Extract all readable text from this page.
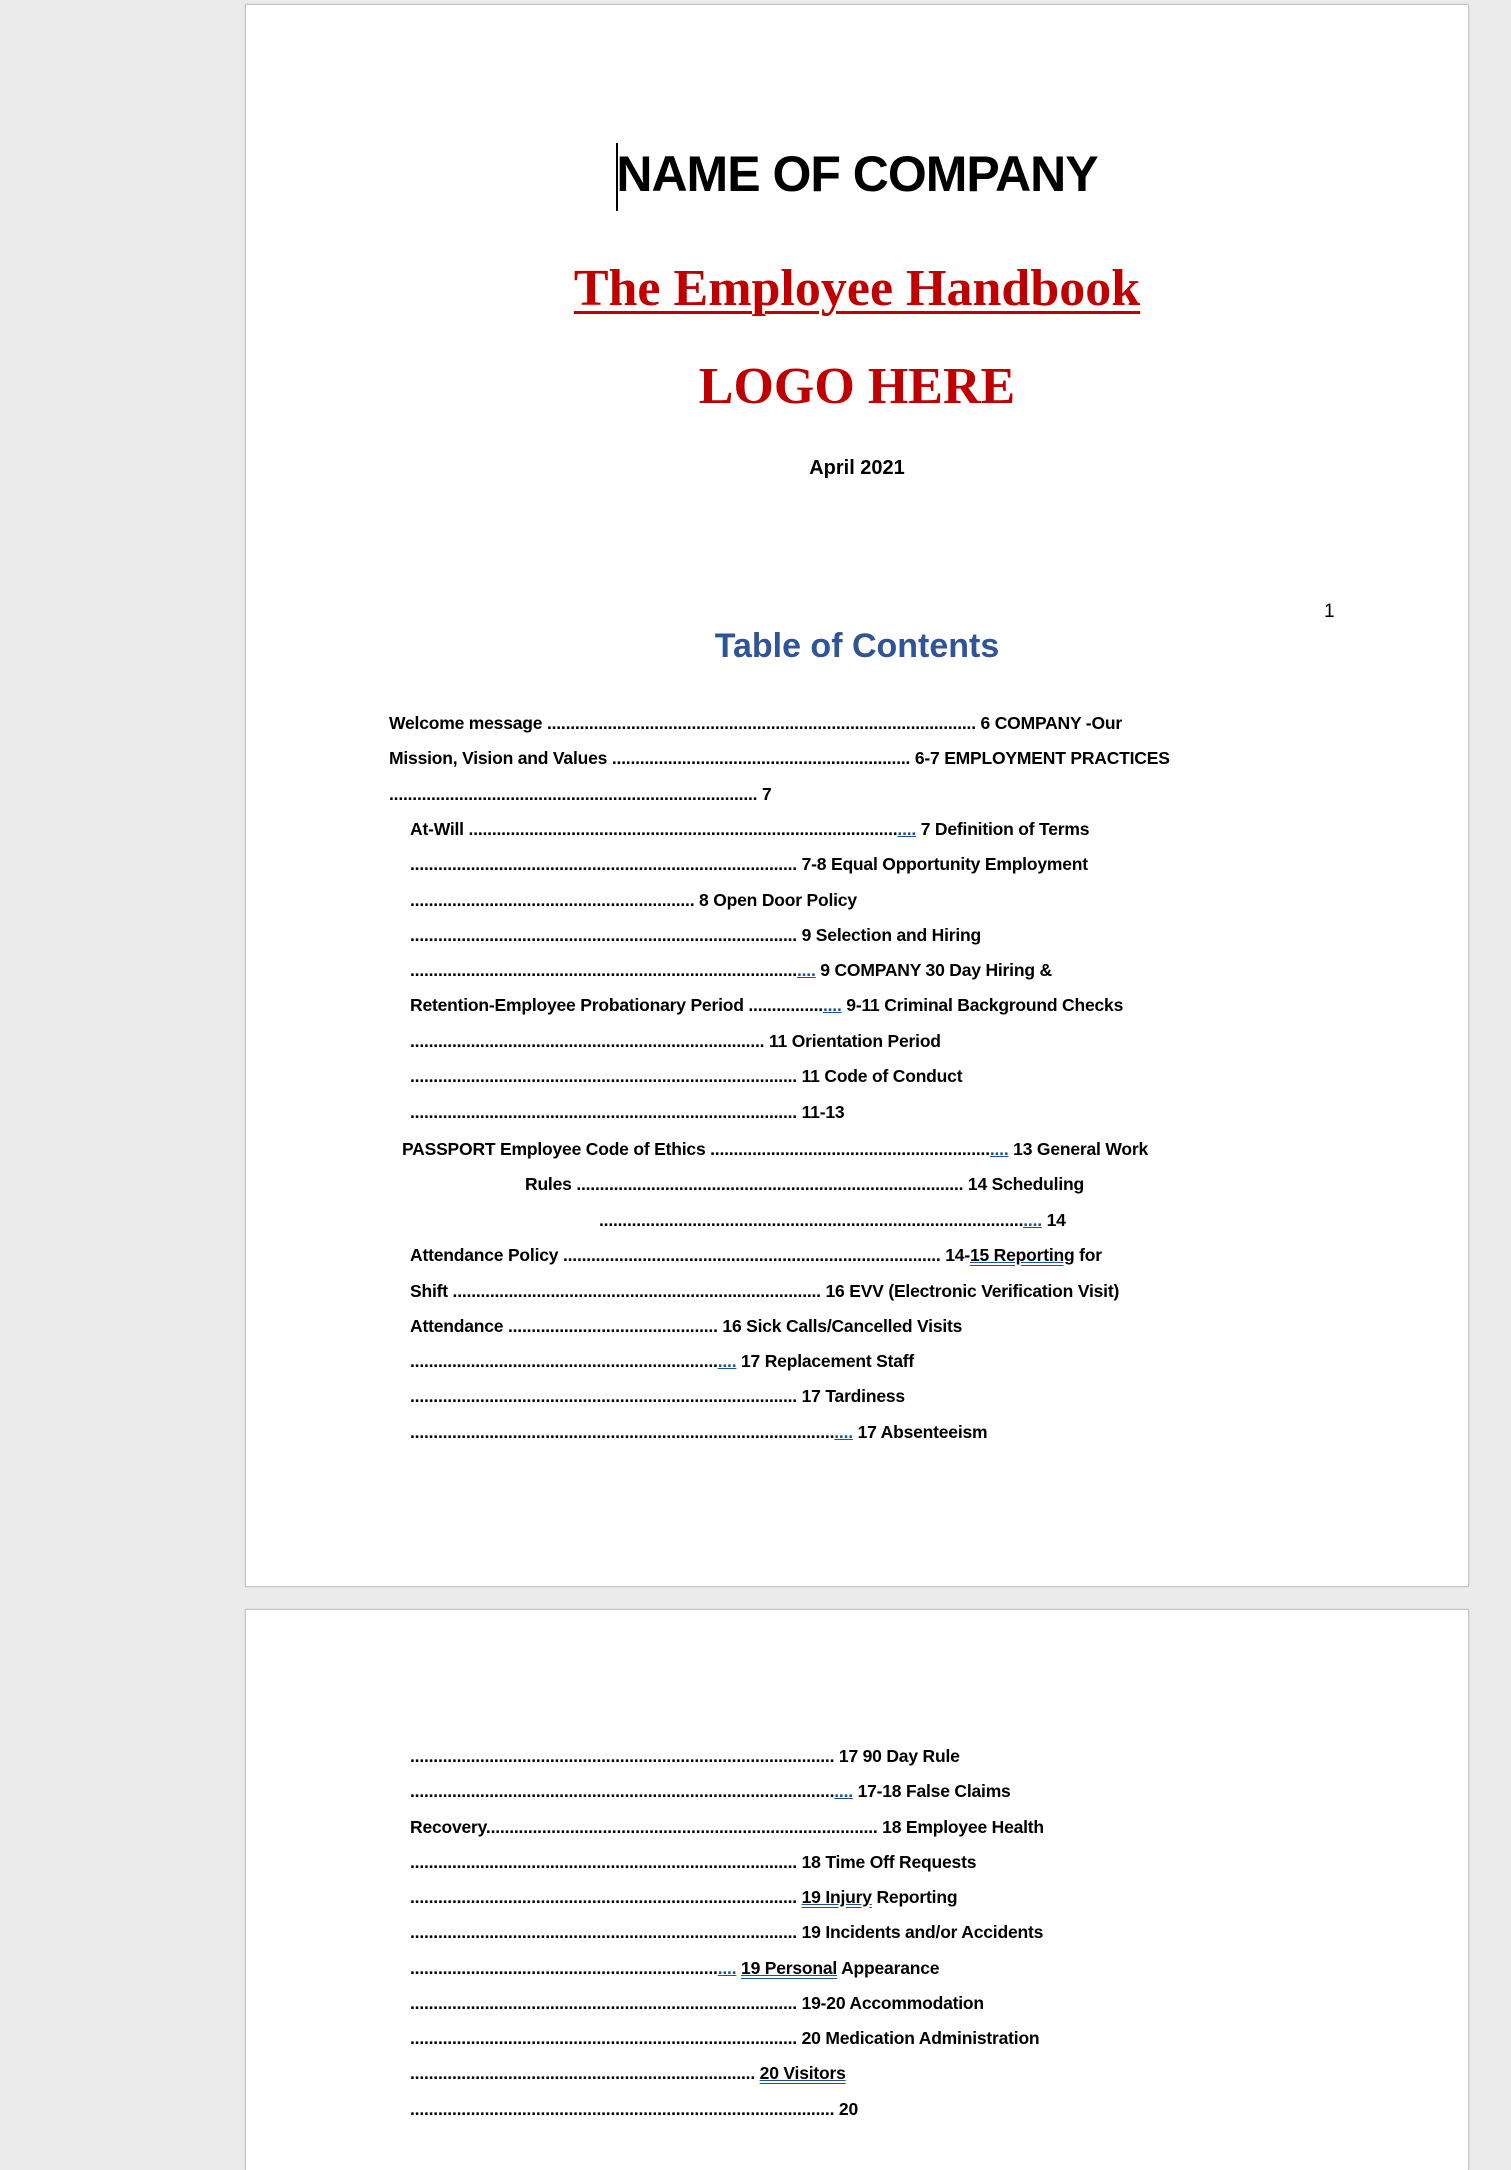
NAME OF COMPANY
The Employee Handbook
LOGO HERE
April 2021
1
Table of Contents
Welcome message ............................................................................................ 6 COMPANY -Our
Mission, Vision and Values ................................................................ 6-7 EMPLOYMENT PRACTICES
............................................................................... 7
At-Will ................................................................................................ 7 Definition of Terms
................................................................................... 7-8 Equal Opportunity Employment
............................................................. 8 Open Door Policy
................................................................................... 9 Selection and Hiring
....................................................................................... 9 COMPANY 30 Day Hiring &
Retention-Employee Probationary Period .................... 9-11 Criminal Background Checks
............................................................................ 11 Orientation Period
................................................................................... 11 Code of Conduct
................................................................................... 11-13
PASSPORT Employee Code of Ethics ................................................................ 13 General Work
Rules ................................................................................... 14 Scheduling
............................................................................................... 14
Attendance Policy ................................................................................. 14-15 Reporting for
Shift ............................................................................... 16 EVV (Electronic Verification Visit)
Attendance ............................................. 16 Sick Calls/Cancelled Visits
...................................................................... 17 Replacement Staff
................................................................................... 17 Tardiness
............................................................................................... 17 Absenteeism
........................................................................................... 17 90 Day Rule
............................................................................................... 17-18 False Claims
Recovery.................................................................................... 18 Employee Health
................................................................................... 18 Time Off Requests
................................................................................... 19 Injury Reporting
................................................................................... 19 Incidents and/or Accidents
...................................................................... 19 Personal Appearance
................................................................................... 19-20 Accommodation
................................................................................... 20 Medication Administration
.......................................................................... 20 Visitors
........................................................................................... 20
